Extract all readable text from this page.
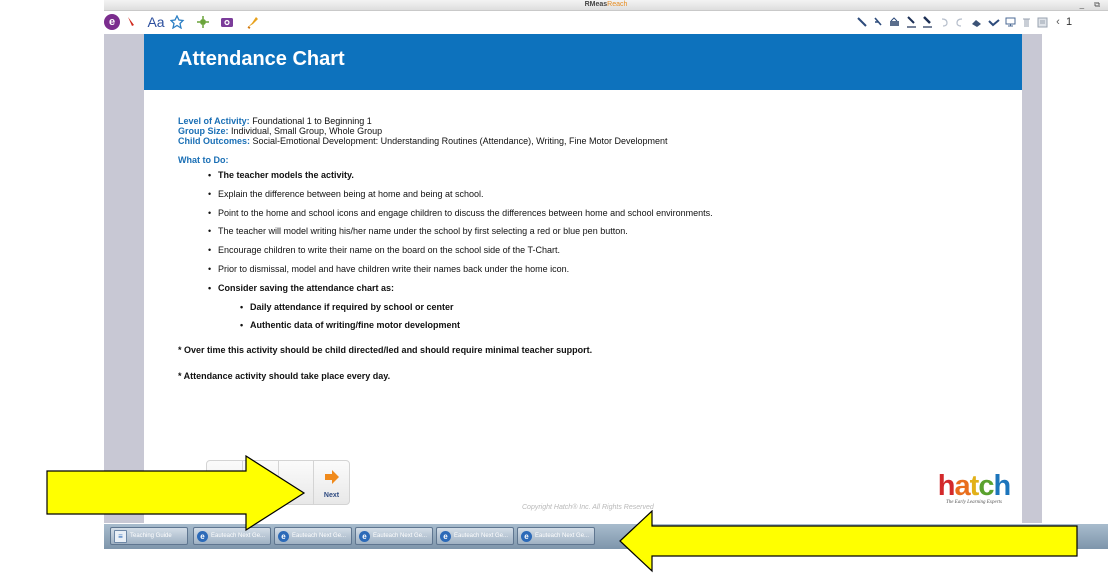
RMeasReach	_ ⧉
e	Aa	‹ 1
Attendance Chart
Level of Activity: Foundational 1 to Beginning 1
Group Size: Individual, Small Group, Whole Group
Child Outcomes: Social-Emotional Development: Understanding Routines (Attendance), Writing, Fine Motor Development
What to Do:
• The teacher models the activity.
• Explain the difference between being at home and being at school.
• Point to the home and school icons and engage children to discuss the differences between home and school environments.
• The teacher will model writing his/her name under the school by first selecting a red or blue pen button.
• Encourage children to write their name on the board on the school side of the T-Chart.
• Prior to dismissal, model and have children write their names back under the home icon.
• Consider saving the attendance chart as:
• Daily attendance if required by school or center
• Authentic data of writing/fine motor development
* Over time this activity should be child directed/led and should require minimal teacher support.
* Attendance activity should take place every day.
Next
Copyright Hatch® Inc. All Rights Reserved
hatch
The Early Learning Experts
≡	Teaching Guide	e	Eauteach Next Ge...	e	Eauteach Next Ge...	e	Eauteach Next Ge...	e	Eauteach Next Ge...	e	Eauteach Next Ge...
